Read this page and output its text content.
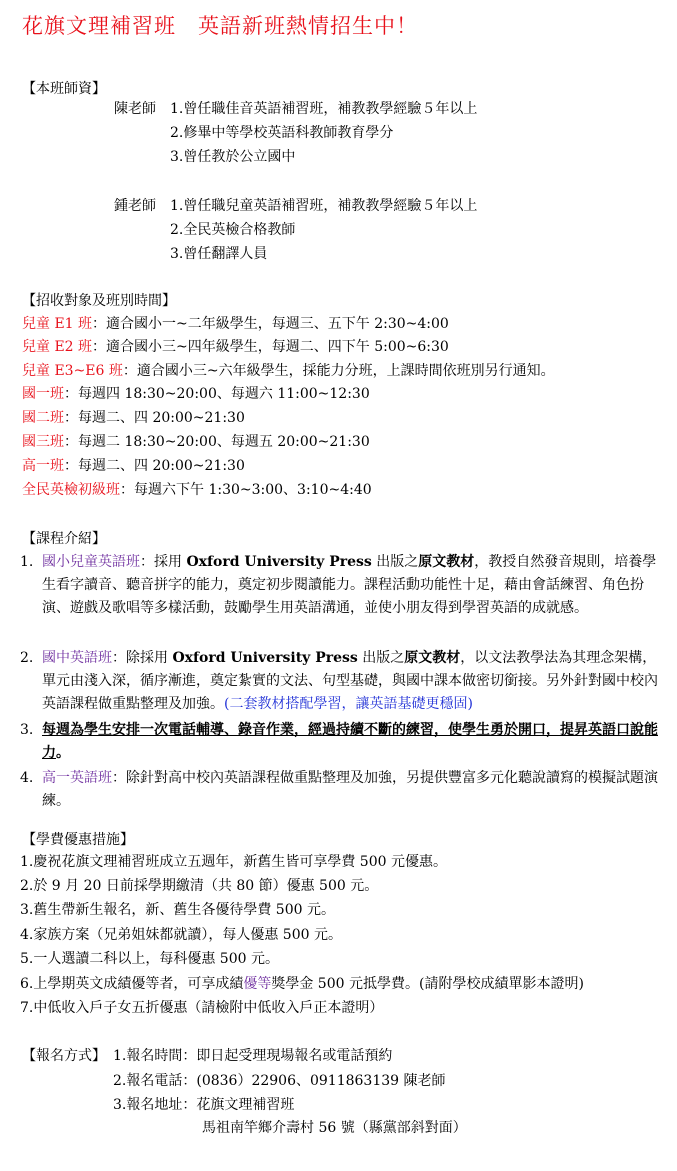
花旗文理補習班　英語新班熱情招生中！
【本班師資】
陳老師 1.曾任職佳音英語補習班，補教教學經驗５年以上
2.修畢中等學校英語科教師教育學分
3.曾任教於公立國中
鍾老師 1.曾任職兒童英語補習班，補教教學經驗５年以上
2.全民英檢合格教師
3.曾任翻譯人員
【招收對象及班別時間】
兒童 E1 班：適合國小一~二年級學生，每週三、五下午 2:30~4:00
兒童 E2 班：適合國小三~四年級學生，每週二、四下午 5:00~6:30
兒童 E3~E6 班：適合國小三~六年級學生，採能力分班，上課時間依班別另行通知。
國一班：每週四 18:30~20:00、每週六 11:00~12:30
國二班：每週二、四 20:00~21:30
國三班：每週二 18:30~20:00、每週五 20:00~21:30
高一班：每週二、四 20:00~21:30
全民英檢初級班：每週六下午 1:30~3:00、3:10~4:40
【課程介紹】
1. 國小兒童英語班：採用 Oxford University Press 出版之原文教材，教授自然發音規則，培養學生看字讀音、聽音拼字的能力，奠定初步閱讀能力。課程活動功能性十足，藉由會話練習、角色扮演、遊戲及歌唱等多樣活動，鼓勵學生用英語溝通，並使小朋友得到學習英語的成就感。
2. 國中英語班：除採用 Oxford University Press 出版之原文教材，以文法教學法為其理念架構，單元由淺入深，循序漸進，奠定紮實的文法、句型基礎，與國中課本做密切銜接。另外針對國中校內英語課程做重點整理及加強。(二套教材搭配學習，讓英語基礎更穩固)
3. 每週為學生安排一次電話輔導、錄音作業，經過持續不斷的練習，使學生勇於開口，提昇英語口說能力。
4. 高一英語班：除針對高中校內英語課程做重點整理及加強，另提供豐富多元化聽說讀寫的模擬試題演練。
【學費優惠措施】
1.慶祝花旗文理補習班成立五週年，新舊生皆可享學費 500 元優惠。
2.於 9 月 20 日前採學期繳清（共 80 節）優惠 500 元。
3.舊生帶新生報名，新、舊生各優待學費 500 元。
4.家族方案（兄弟姐妹都就讀），每人優惠 500 元。
5.一人選讀二科以上，每科優惠 500 元。
6.上學期英文成績優等者，可享成績優等獎學金 500 元抵學費。(請附學校成績單影本證明)
7.中低收入戶子女五折優惠（請檢附中低收入戶正本證明）
【報名方式】 1.報名時間：即日起受理現場報名或電話預約
2.報名電話：(0836）22906、0911863139 陳老師
3.報名地址：花旗文理補習班
馬祖南竿鄉介壽村 56 號（縣黨部斜對面）
